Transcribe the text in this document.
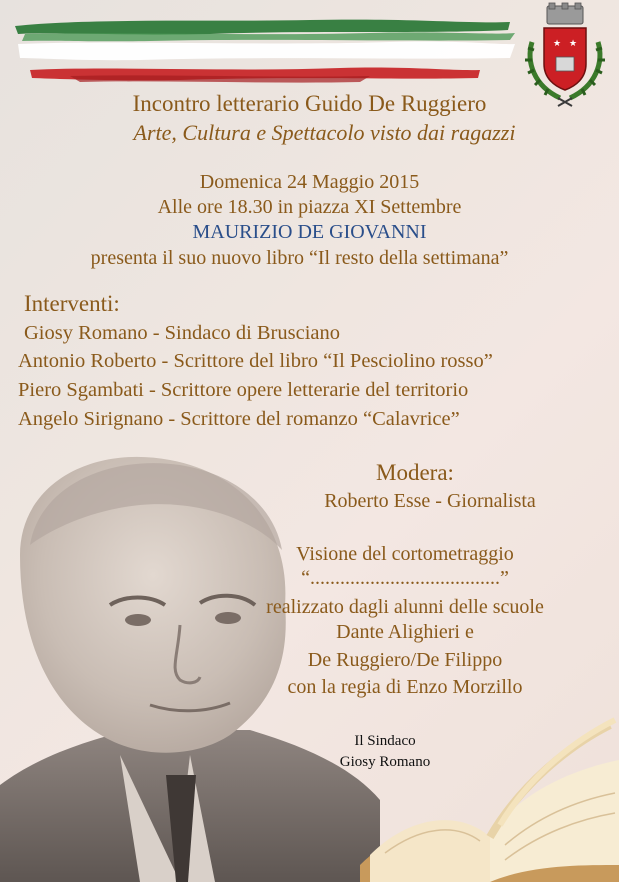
★ ★
Incontro letterario Guido De Ruggiero
Arte, Cultura e Spettacolo visto dai ragazzi
Domenica 24 Maggio 2015
Alle ore 18.30 in piazza XI Settembre
MAURIZIO DE GIOVANNI
presenta il suo nuovo libro “Il resto della settimana”
Interventi:
Giosy Romano - Sindaco di Brusciano
Antonio Roberto - Scrittore del libro “Il Pesciolino rosso”
Piero Sgambati - Scrittore opere letterarie del territorio
Angelo Sirignano - Scrittore del romanzo “Calavrice”
Modera:
Roberto Esse - Giornalista
Visione del cortometraggio
“......................................”
realizzato dagli alunni delle scuole
Dante Alighieri e
De Ruggiero/De Filippo
con la regia di Enzo Morzillo
Il Sindaco
Giosy Romano
